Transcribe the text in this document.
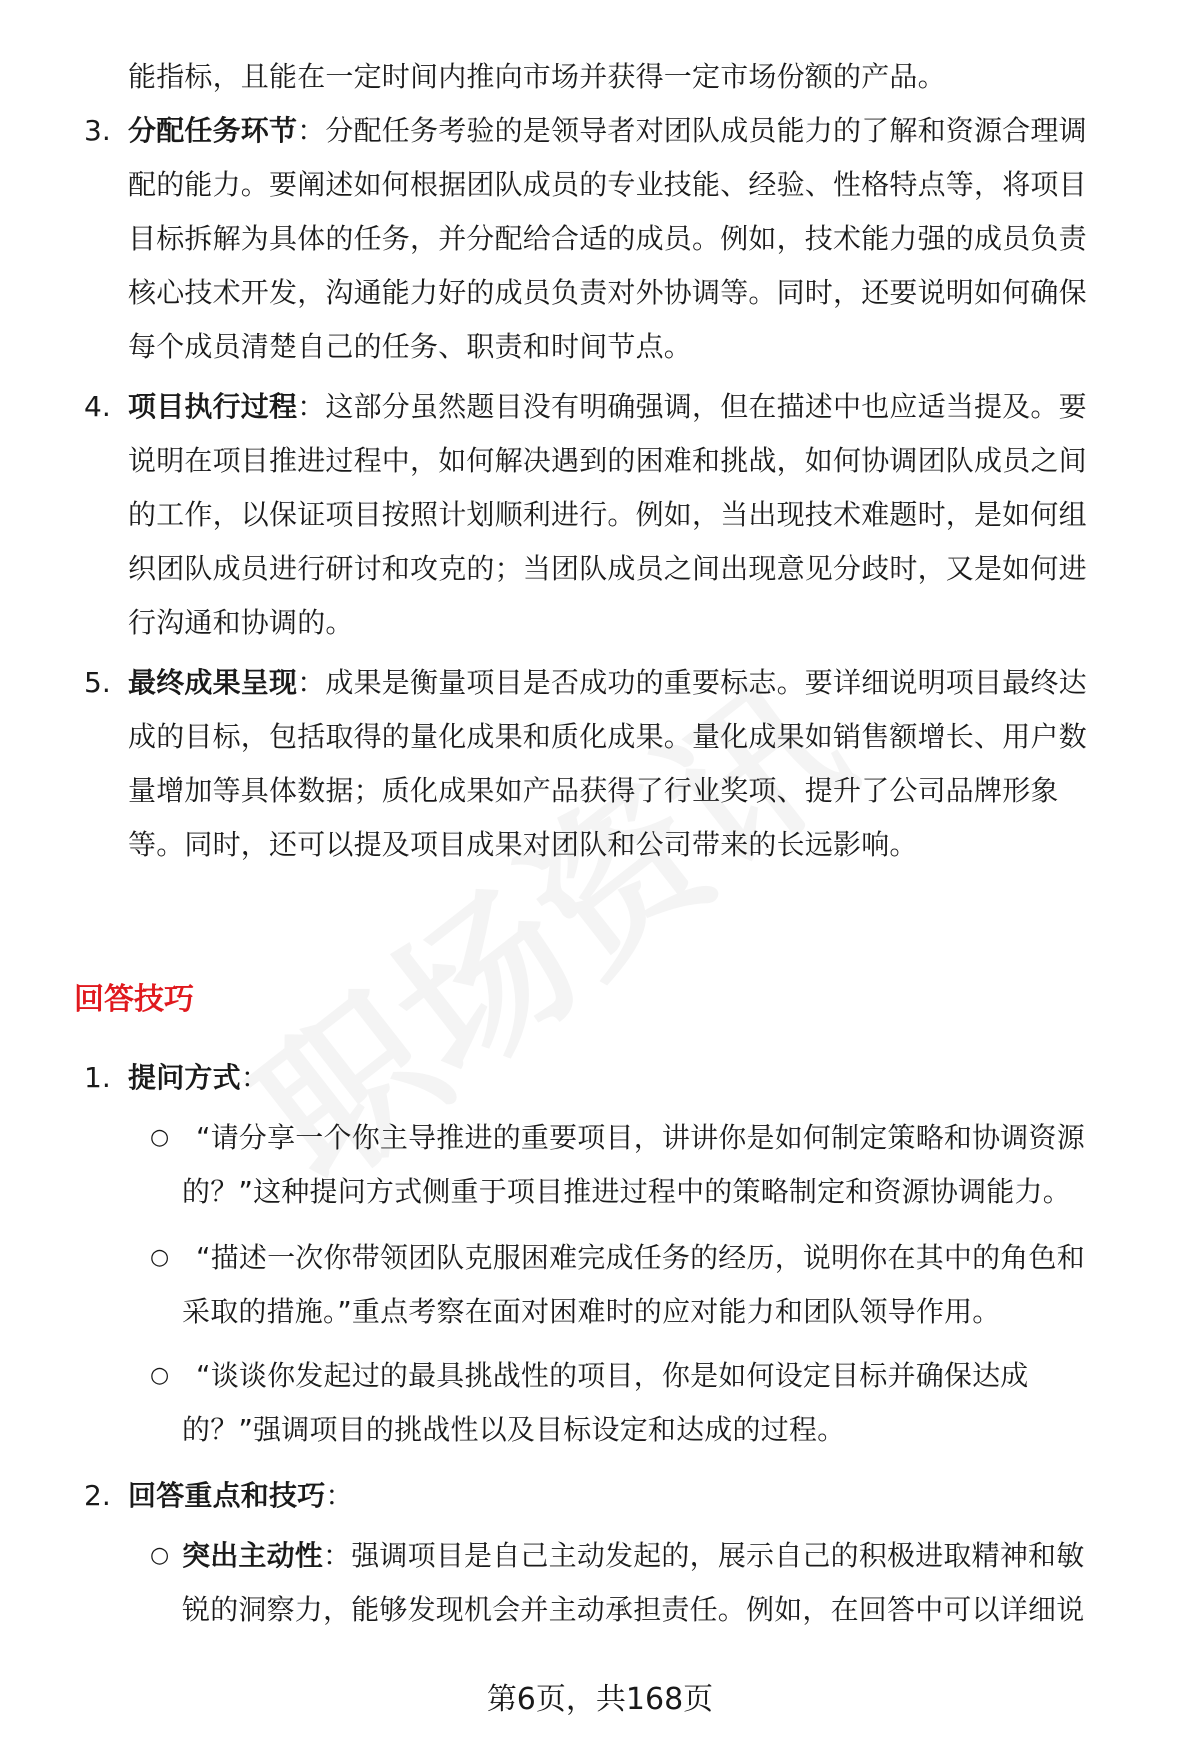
能指标，且能在一定时间内推向市场并获得一定市场份额的产品。
3. 分配任务环节：分配任务考验的是领导者对团队成员能力的了解和资源合理调
配的能力。要阐述如何根据团队成员的专业技能、经验、性格特点等，将项目
目标拆解为具体的任务，并分配给合适的成员。例如，技术能力强的成员负责
核心技术开发，沟通能力好的成员负责对外协调等。同时，还要说明如何确保
每个成员清楚自己的任务、职责和时间节点。
4. 项目执行过程：这部分虽然题目没有明确强调，但在描述中也应适当提及。要
说明在项目推进过程中，如何解决遇到的困难和挑战，如何协调团队成员之间
的工作，以保证项目按照计划顺利进行。例如，当出现技术难题时，是如何组
织团队成员进行研讨和攻克的；当团队成员之间出现意见分歧时，又是如何进
行沟通和协调的。
5. 最终成果呈现：成果是衡量项目是否成功的重要标志。要详细说明项目最终达
成的目标，包括取得的量化成果和质化成果。量化成果如销售额增长、用户数
量增加等具体数据；质化成果如产品获得了行业奖项、提升了公司品牌形象
等。同时，还可以提及项目成果对团队和公司带来的长远影响。
回答技巧
1. 提问方式：
○ “请分享一个你主导推进的重要项目，讲讲你是如何制定策略和协调资源
的？”这种提问方式侧重于项目推进过程中的策略制定和资源协调能力。
○ “描述一次你带领团队克服困难完成任务的经历，说明你在其中的角色和
采取的措施。”重点考察在面对困难时的应对能力和团队领导作用。
○ “谈谈你发起过的最具挑战性的项目，你是如何设定目标并确保达成
的？”强调项目的挑战性以及目标设定和达成的过程。
2. 回答重点和技巧：
○ 突出主动性：强调项目是自己主动发起的，展示自己的积极进取精神和敏
锐的洞察力，能够发现机会并主动承担责任。例如，在回答中可以详细说
第6页，共168页
